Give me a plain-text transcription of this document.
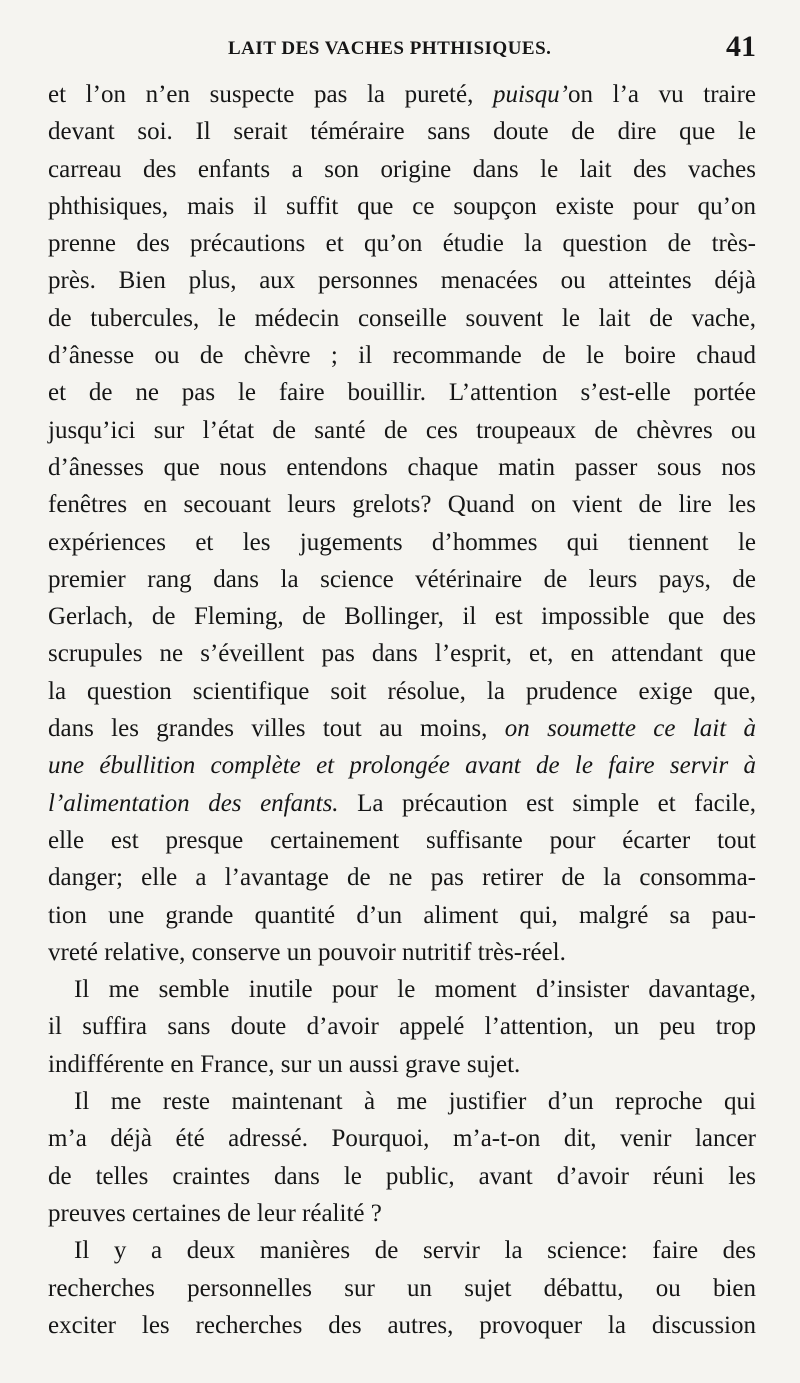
LAIT DES VACHES PHTHISIQUES.	41
et l’on n’en suspecte pas la pureté, puisqu’on l’a vu traire
devant soi. Il serait téméraire sans doute de dire que le
carreau des enfants a son origine dans le lait des vaches
phthisiques, mais il suffit que ce soupçon existe pour qu’on
prenne des précautions et qu’on étudie la question de très-
près. Bien plus, aux personnes menacées ou atteintes déjà
de tubercules, le médecin conseille souvent le lait de vache,
d’ânesse ou de chèvre ; il recommande de le boire chaud
et de ne pas le faire bouillir. L’attention s’est-elle portée
jusqu’ici sur l’état de santé de ces troupeaux de chèvres ou
d’ânesses que nous entendons chaque matin passer sous nos
fenêtres en secouant leurs grelots? Quand on vient de lire les
expériences et les jugements d’hommes qui tiennent le
premier rang dans la science vétérinaire de leurs pays, de
Gerlach, de Fleming, de Bollinger, il est impossible que des
scrupules ne s’éveillent pas dans l’esprit, et, en attendant que
la question scientifique soit résolue, la prudence exige que,
dans les grandes villes tout au moins, on soumette ce lait à
une ébullition complète et prolongée avant de le faire servir à
l’alimentation des enfants. La précaution est simple et facile,
elle est presque certainement suffisante pour écarter tout
danger; elle a l’avantage de ne pas retirer de la consomma-
tion une grande quantité d’un aliment qui, malgré sa pau-
vreté relative, conserve un pouvoir nutritif très-réel.
Il me semble inutile pour le moment d’insister davantage,
il suffira sans doute d’avoir appelé l’attention, un peu trop
indifférente en France, sur un aussi grave sujet.
Il me reste maintenant à me justifier d’un reproche qui
m’a déjà été adressé. Pourquoi, m’a-t-on dit, venir lancer
de telles craintes dans le public, avant d’avoir réuni les
preuves certaines de leur réalité ?
Il y a deux manières de servir la science: faire des
recherches personnelles sur un sujet débattu, ou bien
exciter les recherches des autres, provoquer la discussion
